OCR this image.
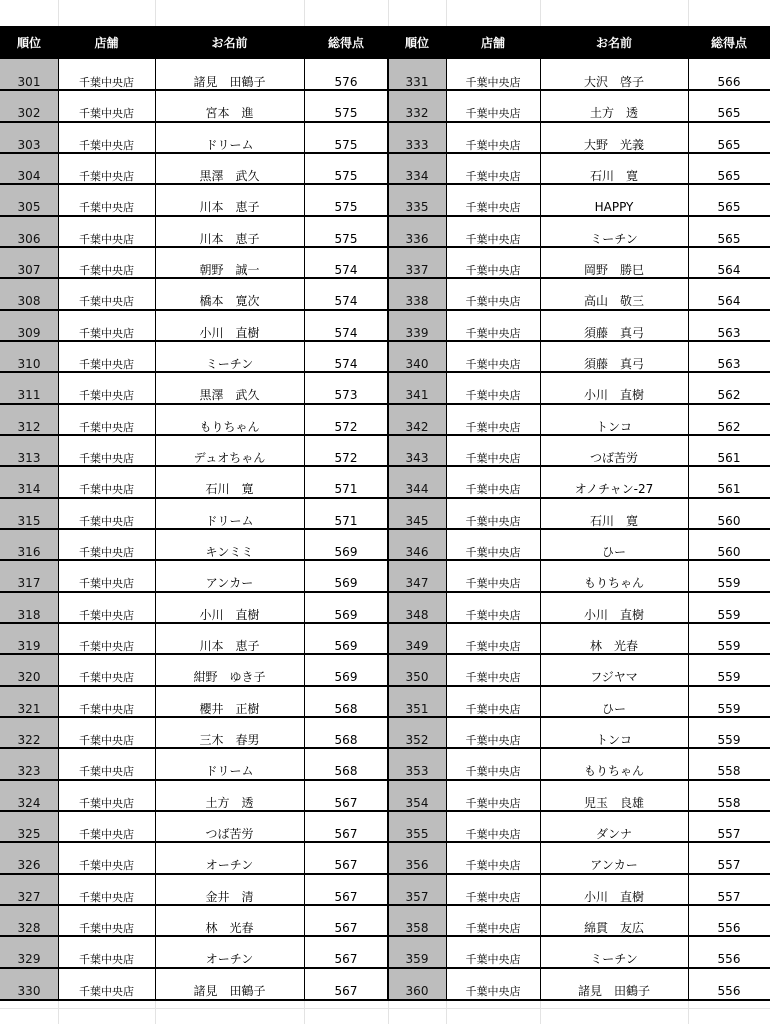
順位	店舗	お名前	総得点	順位	店舗	お名前	総得点
301	千葉中央店	諸見　田鶴子	576	331	千葉中央店	大沢　啓子	566
302	千葉中央店	宮本　進	575	332	千葉中央店	土方　透	565
303	千葉中央店	ドリーム	575	333	千葉中央店	大野　光義	565
304	千葉中央店	黒澤　武久	575	334	千葉中央店	石川　寛	565
305	千葉中央店	川本　恵子	575	335	千葉中央店	HAPPY	565
306	千葉中央店	川本　恵子	575	336	千葉中央店	ミーチン	565
307	千葉中央店	朝野　誠一	574	337	千葉中央店	岡野　勝巳	564
308	千葉中央店	橋本　寛次	574	338	千葉中央店	高山　敬三	564
309	千葉中央店	小川　直樹	574	339	千葉中央店	須藤　真弓	563
310	千葉中央店	ミーチン	574	340	千葉中央店	須藤　真弓	563
311	千葉中央店	黒澤　武久	573	341	千葉中央店	小川　直樹	562
312	千葉中央店	もりちゃん	572	342	千葉中央店	トンコ	562
313	千葉中央店	デュオちゃん	572	343	千葉中央店	つば苦労	561
314	千葉中央店	石川　寛	571	344	千葉中央店	オノチャン-27	561
315	千葉中央店	ドリーム	571	345	千葉中央店	石川　寛	560
316	千葉中央店	キンミミ	569	346	千葉中央店	ひー	560
317	千葉中央店	アンカー	569	347	千葉中央店	もりちゃん	559
318	千葉中央店	小川　直樹	569	348	千葉中央店	小川　直樹	559
319	千葉中央店	川本　恵子	569	349	千葉中央店	林　光春	559
320	千葉中央店	紺野　ゆき子	569	350	千葉中央店	フジヤマ	559
321	千葉中央店	櫻井　正樹	568	351	千葉中央店	ひー	559
322	千葉中央店	三木　春男	568	352	千葉中央店	トンコ	559
323	千葉中央店	ドリーム	568	353	千葉中央店	もりちゃん	558
324	千葉中央店	土方　透	567	354	千葉中央店	児玉　良雄	558
325	千葉中央店	つば苦労	567	355	千葉中央店	ダンナ	557
326	千葉中央店	オーチン	567	356	千葉中央店	アンカー	557
327	千葉中央店	金井　清	567	357	千葉中央店	小川　直樹	557
328	千葉中央店	林　光春	567	358	千葉中央店	綿貫　友広	556
329	千葉中央店	オーチン	567	359	千葉中央店	ミーチン	556
330	千葉中央店	諸見　田鶴子	567	360	千葉中央店	諸見　田鶴子	556
